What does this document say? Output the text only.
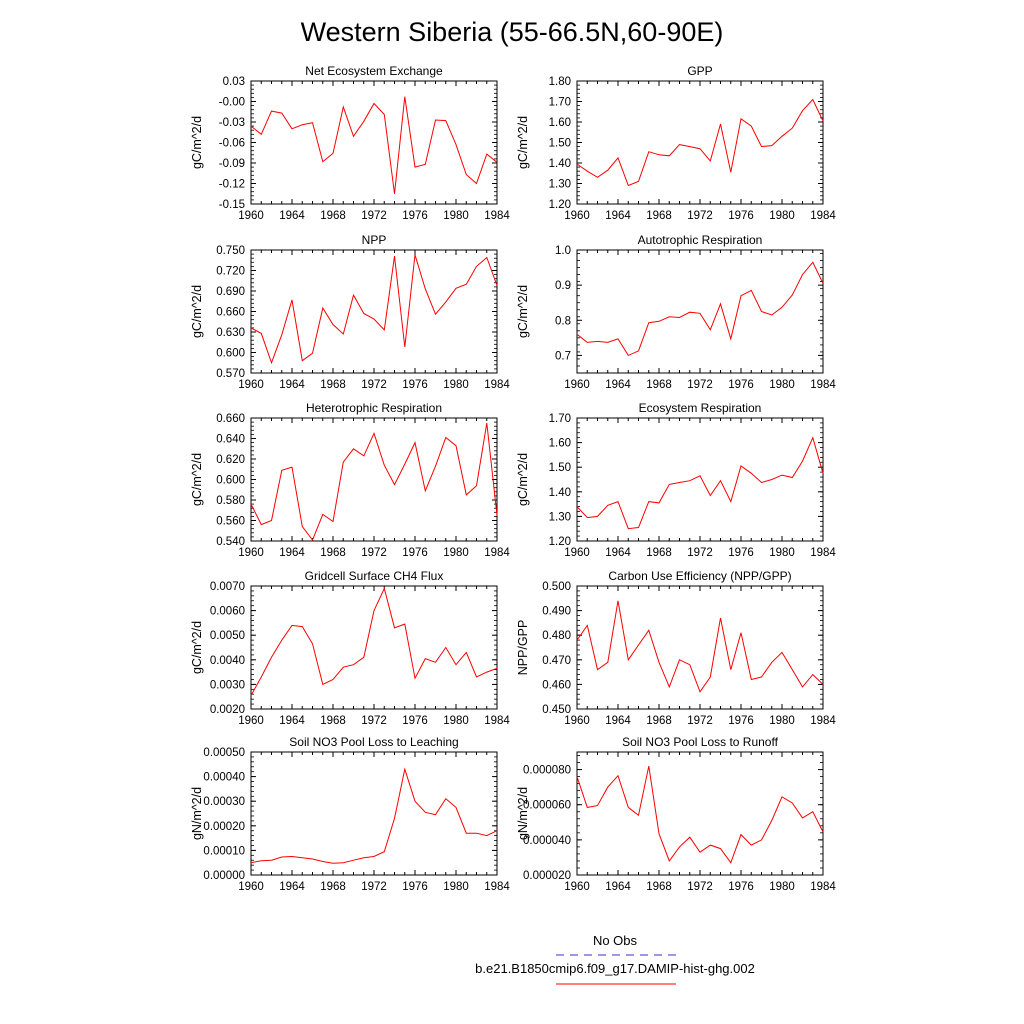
Western Siberia (55-66.5N,60-90E)
Net Ecosystem Exchange
gC/m^2/d
1960 1964 1968 1972 1976 1980 1984
0.03
-0.00
-0.03
-0.06
-0.09
-0.12
-0.15
GPP
gC/m^2/d
1960 1964 1968 1972 1976 1980 1984
1.80
1.70
1.60
1.50
1.40
1.30
1.20
NPP
gC/m^2/d
1960 1964 1968 1972 1976 1980 1984
0.750
0.720
0.690
0.660
0.630
0.600
0.570
Autotrophic Respiration
gC/m^2/d
1960 1964 1968 1972 1976 1980 1984
1.0
0.9
0.8
0.7
Heterotrophic Respiration
gC/m^2/d
1960 1964 1968 1972 1976 1980 1984
0.660
0.640
0.620
0.600
0.580
0.560
0.540
Ecosystem Respiration
gC/m^2/d
1960 1964 1968 1972 1976 1980 1984
1.70
1.60
1.50
1.40
1.30
1.20
Gridcell Surface CH4 Flux
gC/m^2/d
1960 1964 1968 1972 1976 1980 1984
0.0070
0.0060
0.0050
0.0040
0.0030
0.0020
Carbon Use Efficiency (NPP/GPP)
NPP/GPP
1960 1964 1968 1972 1976 1980 1984
0.500
0.490
0.480
0.470
0.460
0.450
Soil NO3 Pool Loss to Leaching
gN/m^2/d
1960 1964 1968 1972 1976 1980 1984
0.00050
0.00040
0.00030
0.00020
0.00010
0.00000
Soil NO3 Pool Loss to Runoff
gN/m^2/d
1960 1964 1968 1972 1976 1980 1984
0.000080
0.000060
0.000040
0.000020
No Obs
b.e21.B1850cmip6.f09_g17.DAMIP-hist-ghg.002
